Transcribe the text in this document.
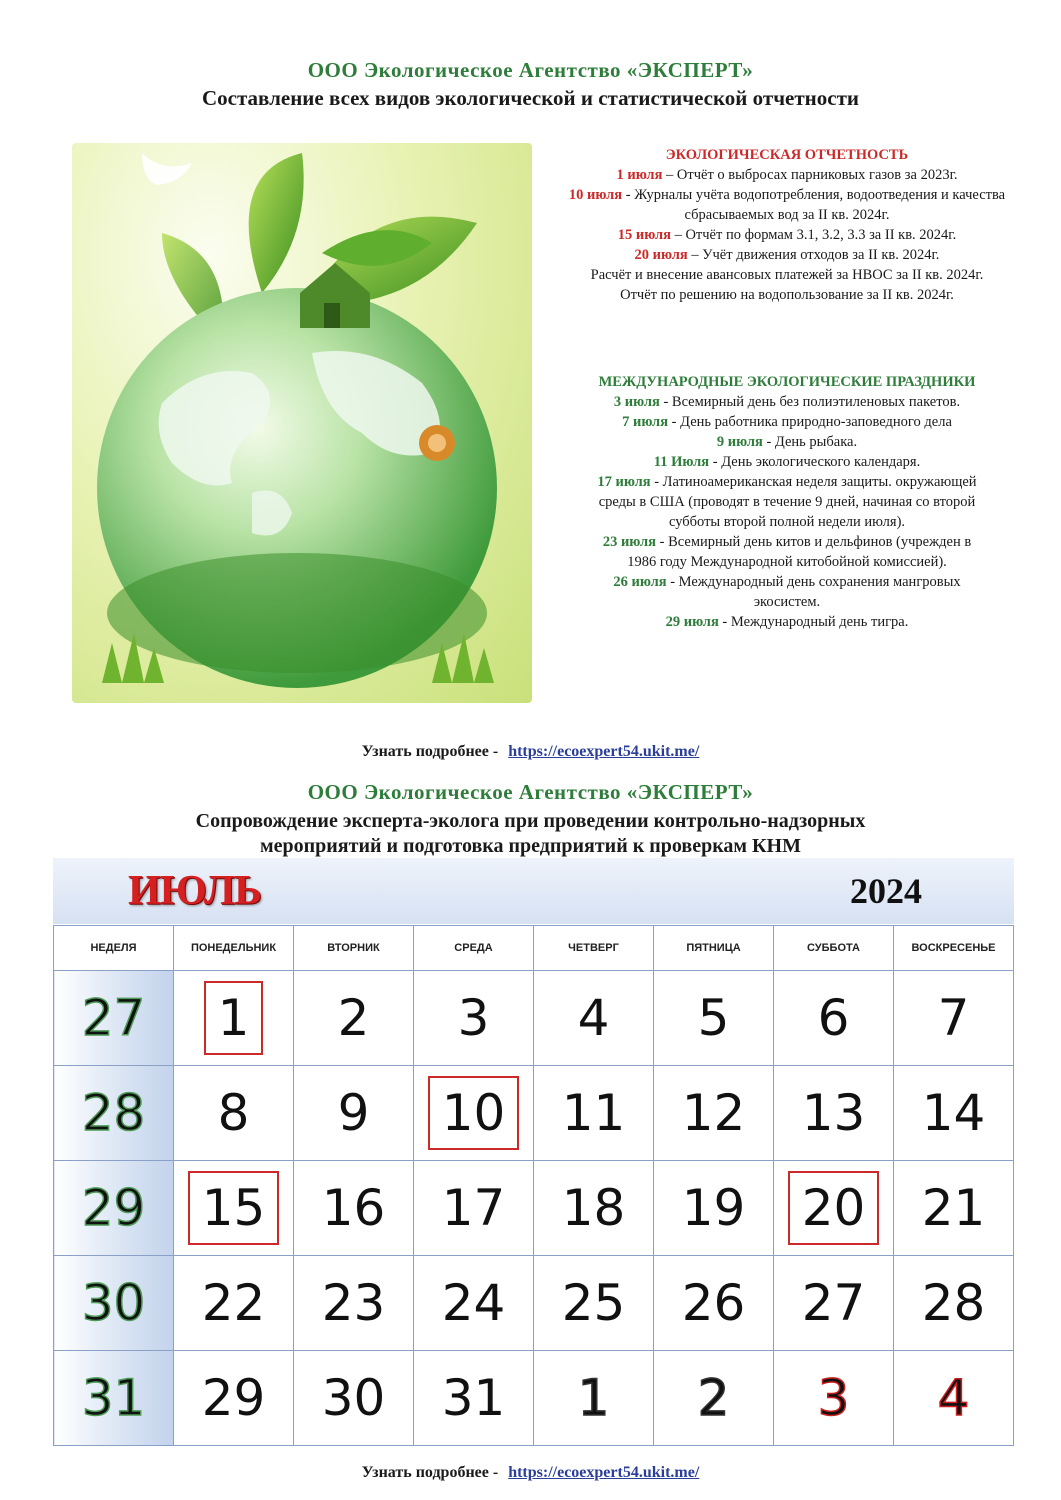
ООО Экологическое Агентство «ЭКСПЕРТ»
Составление всех видов экологической и статистической отчетности

ЭКОЛОГИЧЕСКАЯ ОТЧЕТНОСТЬ

1 июля – Отчёт о выбросах парниковых газов за 2023г.

10 июля - Журналы учёта водопотребления, водоотведения и качества сбрасываемых вод за II кв. 2024г.

15 июля – Отчёт по формам 3.1, 3.2, 3.3 за II кв. 2024г.

20 июля – Учёт движения отходов за II кв. 2024г.

Расчёт и внесение авансовых платежей за НВОС за II кв. 2024г.

Отчёт по решению на водопользование за II кв. 2024г.

МЕЖДУНАРОДНЫЕ ЭКОЛОГИЧЕСКИЕ ПРАЗДНИКИ

3 июля - Всемирный день без полиэтиленовых пакетов.

7 июля - День работника природно-заповедного дела

9 июля - День рыбака.

11 Июля - День экологического календаря.

17 июля - Латиноамериканская неделя защиты. окружающей среды в США (проводят в течение 9 дней, начиная со второй субботы второй полной недели июля).

23 июля - Всемирный день китов и дельфинов (учрежден в 1986 году Международной китобойной комиссией).

26 июля - Международный день сохранения мангровых экосистем.

29 июля - Международный день тигра.

Узнать подробнее - https://ecoexpert54.ukit.me/
ООО Экологическое Агентство «ЭКСПЕРТ»
Сопровождение эксперта-эколога при проведении контрольно-надзорных
мероприятий и подготовка предприятий к проверкам КНМ
ИЮЛЬ	2024
НЕДЕЛЯ	ПОНЕДЕЛЬНИК	ВТОРНИК	СРЕДА	ЧЕТВЕРГ	ПЯТНИЦА	СУББОТА	ВОСКРЕСЕНЬЕ
27	1	2	3	4	5	6	7
28	8	9	10	11	12	13	14
29	15	16	17	18	19	20	21
30	22	23	24	25	26	27	28
31	29	30	31	1	2	3	4
Узнать подробнее - https://ecoexpert54.ukit.me/
